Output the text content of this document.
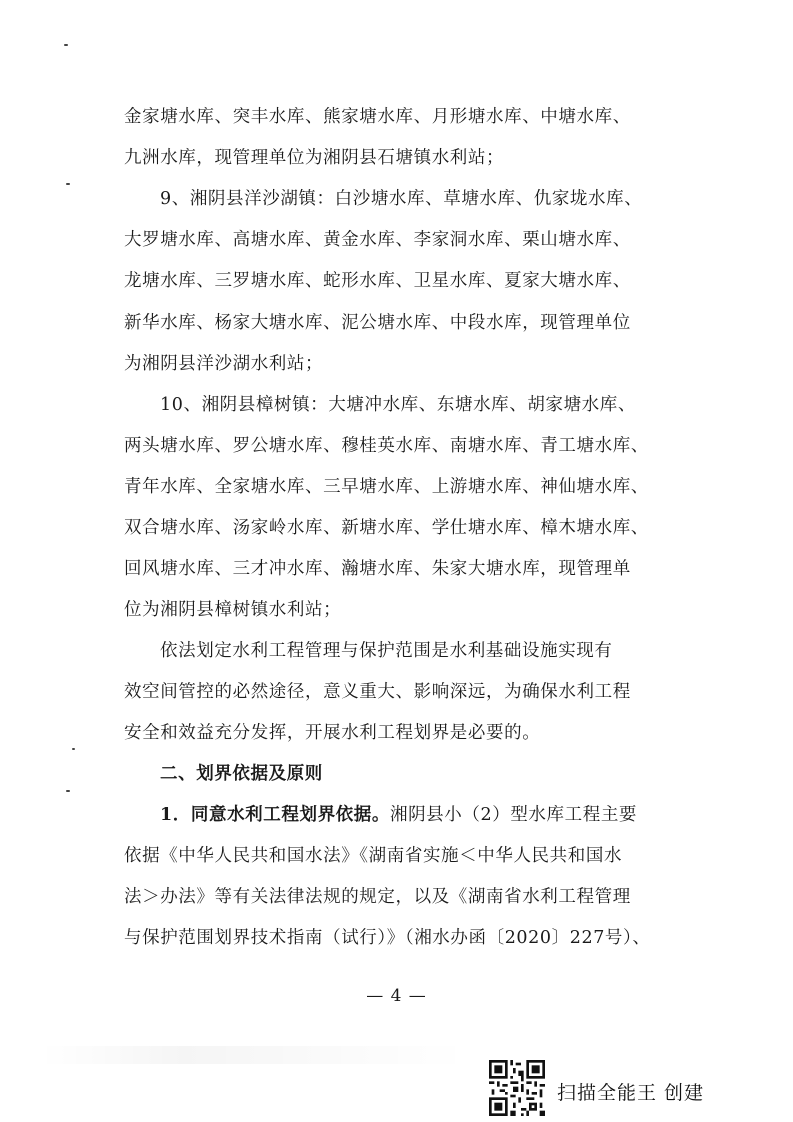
金家塘水库、突丰水库、熊家塘水库、月形塘水库、中塘水库、
九洲水库，现管理单位为湘阴县石塘镇水利站；
9、湘阴县洋沙湖镇：白沙塘水库、草塘水库、仇家垅水库、
大罗塘水库、高塘水库、黄金水库、李家洞水库、栗山塘水库、
龙塘水库、三罗塘水库、蛇形水库、卫星水库、夏家大塘水库、
新华水库、杨家大塘水库、泥公塘水库、中段水库，现管理单位
为湘阴县洋沙湖水利站；
10、湘阴县樟树镇：大塘冲水库、东塘水库、胡家塘水库、
两头塘水库、罗公塘水库、穆桂英水库、南塘水库、青工塘水库、
青年水库、全家塘水库、三早塘水库、上游塘水库、神仙塘水库、
双合塘水库、汤家岭水库、新塘水库、学仕塘水库、樟木塘水库、
回风塘水库、三才冲水库、瀚塘水库、朱家大塘水库，现管理单
位为湘阴县樟树镇水利站；
依法划定水利工程管理与保护范围是水利基础设施实现有
效空间管控的必然途径，意义重大、影响深远，为确保水利工程
安全和效益充分发挥，开展水利工程划界是必要的。
二、划界依据及原则
1．同意水利工程划界依据。湘阴县小（2）型水库工程主要
依据《中华人民共和国水法》《湖南省实施＜中华人民共和国水
法＞办法》等有关法律法规的规定，以及《湖南省水利工程管理
与保护范围划界技术指南（试行）》（湘水办函〔2020〕227号）、
— 4 —
扫描全能王 创建
